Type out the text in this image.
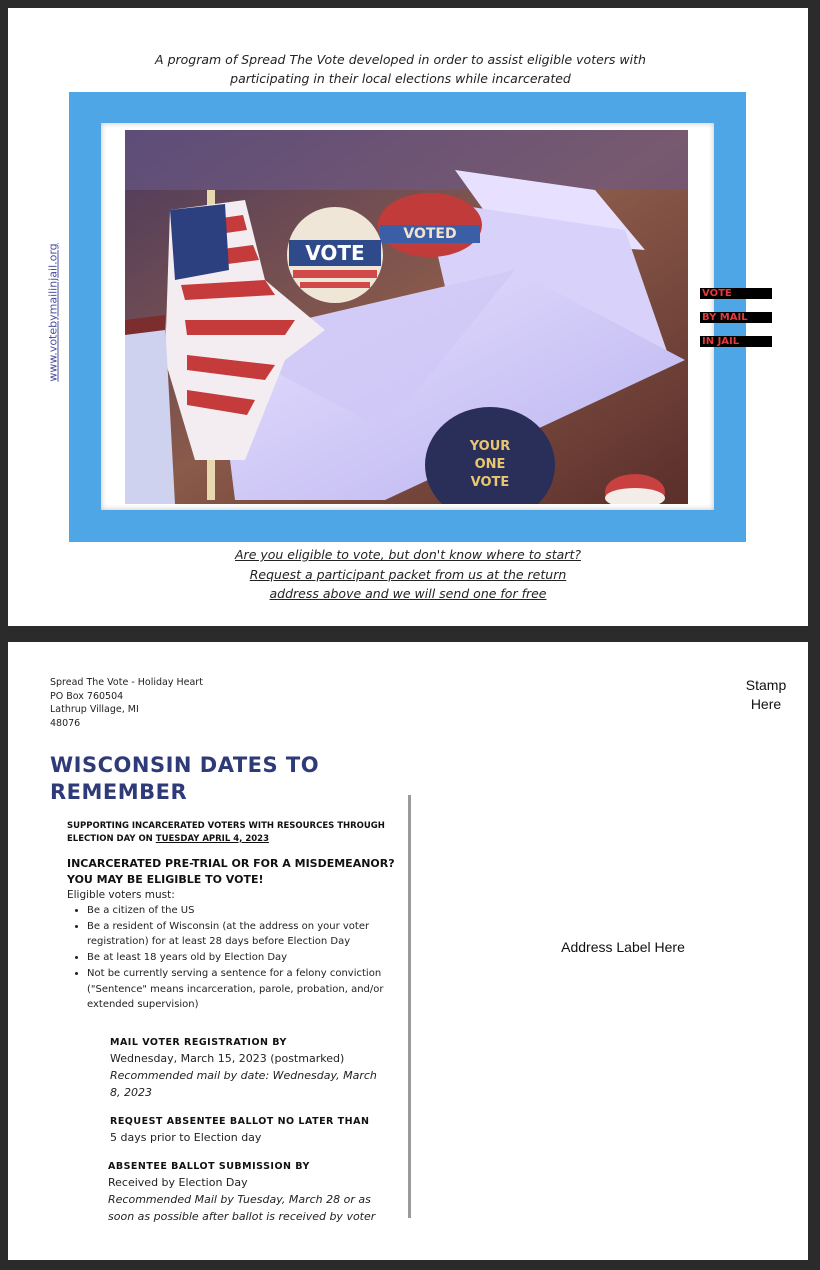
A program of Spread The Vote developed in order to assist eligible voters with participating in their local elections while incarcerated
VOTED
VOTE
YOUR
ONE
VOTE
www.votebymailinjail.org	VOTE
BY MAIL
IN JAIL
Are you eligible to vote, but don't know where to start?
Request a participant packet from us at the return
address above and we will send one for free
Spread The Vote - Holiday Heart
PO Box 760504
Lathrup Village, MI
48076
Stamp
Here
WISCONSIN DATES TO REMEMBER
SUPPORTING INCARCERATED VOTERS WITH RESOURCES THROUGH ELECTION DAY ON TUESDAY APRIL 4, 2023
INCARCERATED PRE-TRIAL OR FOR A MISDEMEANOR? YOU MAY BE ELIGIBLE TO VOTE!
Eligible voters must:
• Be a citizen of the US
• Be a resident of Wisconsin (at the address on your voter registration) for at least 28 days before Election Day
• Be at least 18 years old by Election Day
• Not be currently serving a sentence for a felony conviction ("Sentence" means incarceration, parole, probation, and/or extended supervision)
MAIL VOTER REGISTRATION BY
Wednesday, March 15, 2023 (postmarked)
Recommended mail by date: Wednesday, March 8, 2023
REQUEST ABSENTEE BALLOT NO LATER THAN
5 days prior to Election day
ABSENTEE BALLOT SUBMISSION BY
Received by Election Day
Recommended Mail by Tuesday, March 28 or as soon as possible after ballot is received by voter
Address Label Here
